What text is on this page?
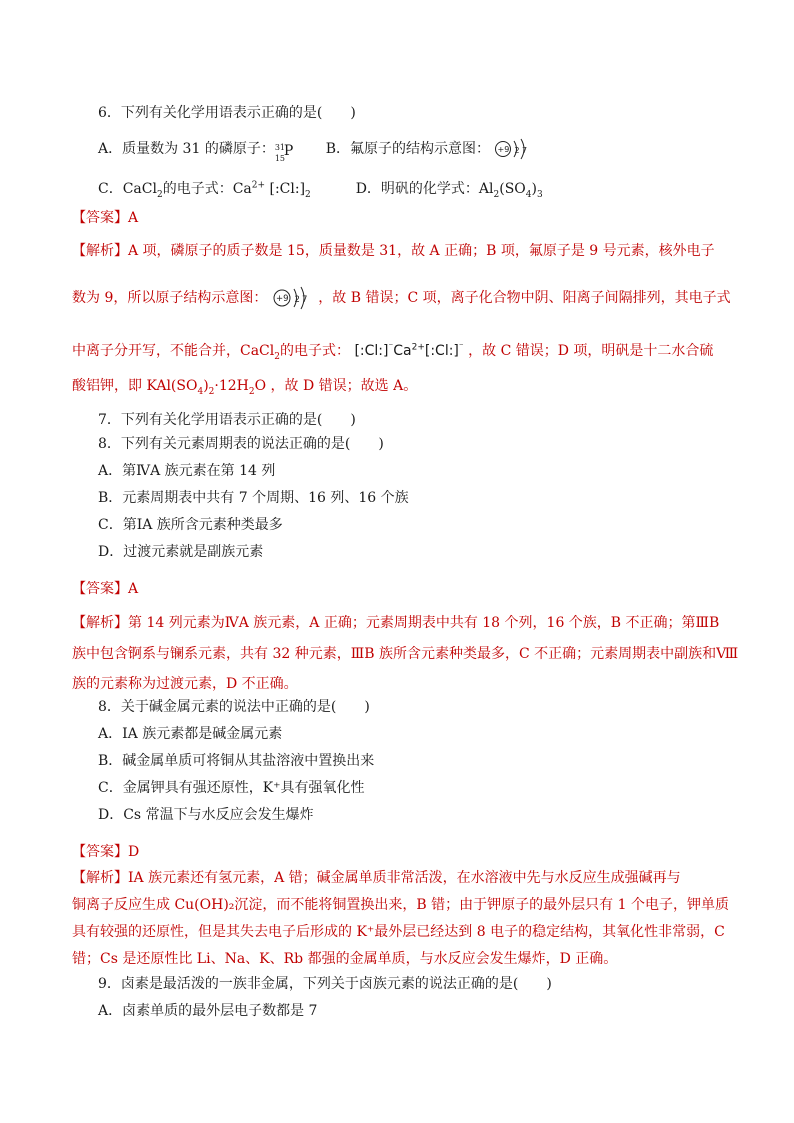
6．下列有关化学用语表示正确的是(　　)
A．质量数为 31 的磷原子： 31
15
P B．氟原子的结构示意图： +9 2 7
C．CaCl$_2$的电子式：$Ca^{2+}$ $[:Cl:]_2$	D．明矾的化学式：$Al_2(SO_4)_3$
【答案】A
【解析】A 项，磷原子的质子数是 15，质量数是 31，故 A 正确；B 项，氟原子是 9 号元素，核外电子
数为 9，所以原子结构示意图： +9 2 7 ，故 B 错误；C 项，离子化合物中阴、阳离子间隔排列，其电子式
中离子分开写，不能合并，CaCl$_2$的电子式： $[:Cl:]^{^-}Ca^{2+}[:Cl:]^{^-}$ ，故 C 错误；D 项，明矾是十二水合硫
酸铝钾，即 $KAl(SO_4)_2\cdot 12H_2O$ ，故 D 错误；故选 A。
7．下列有关化学用语表示正确的是(　　)
8．下列有关元素周期表的说法正确的是(　　)
A．第ⅣA 族元素在第 14 列
B．元素周期表中共有 7 个周期、16 列、16 个族
C．第ⅠA 族所含元素种类最多
D．过渡元素就是副族元素
【答案】A
【解析】第 14 列元素为ⅣA 族元素，A 正确；元素周期表中共有 18 个列，16 个族，B 不正确；第ⅢB
族中包含锕系与镧系元素，共有 32 种元素，ⅢB 族所含元素种类最多，C 不正确；元素周期表中副族和Ⅷ
族的元素称为过渡元素，D 不正确。
8．关于碱金属元素的说法中正确的是(　　)
A．ⅠA 族元素都是碱金属元素
B．碱金属单质可将铜从其盐溶液中置换出来
C．金属钾具有强还原性，K⁺具有强氧化性
D．Cs 常温下与水反应会发生爆炸
【答案】D
【解析】ⅠA 族元素还有氢元素，A 错；碱金属单质非常活泼，在水溶液中先与水反应生成强碱再与
铜离子反应生成 Cu(OH)₂沉淀，而不能将铜置换出来，B 错；由于钾原子的最外层只有 1 个电子，钾单质
具有较强的还原性，但是其失去电子后形成的 K⁺最外层已经达到 8 电子的稳定结构，其氧化性非常弱，C
错；Cs 是还原性比 Li、Na、K、Rb 都强的金属单质，与水反应会发生爆炸，D 正确。
9．卤素是最活泼的一族非金属，下列关于卤族元素的说法正确的是(　　)
A．卤素单质的最外层电子数都是 7
